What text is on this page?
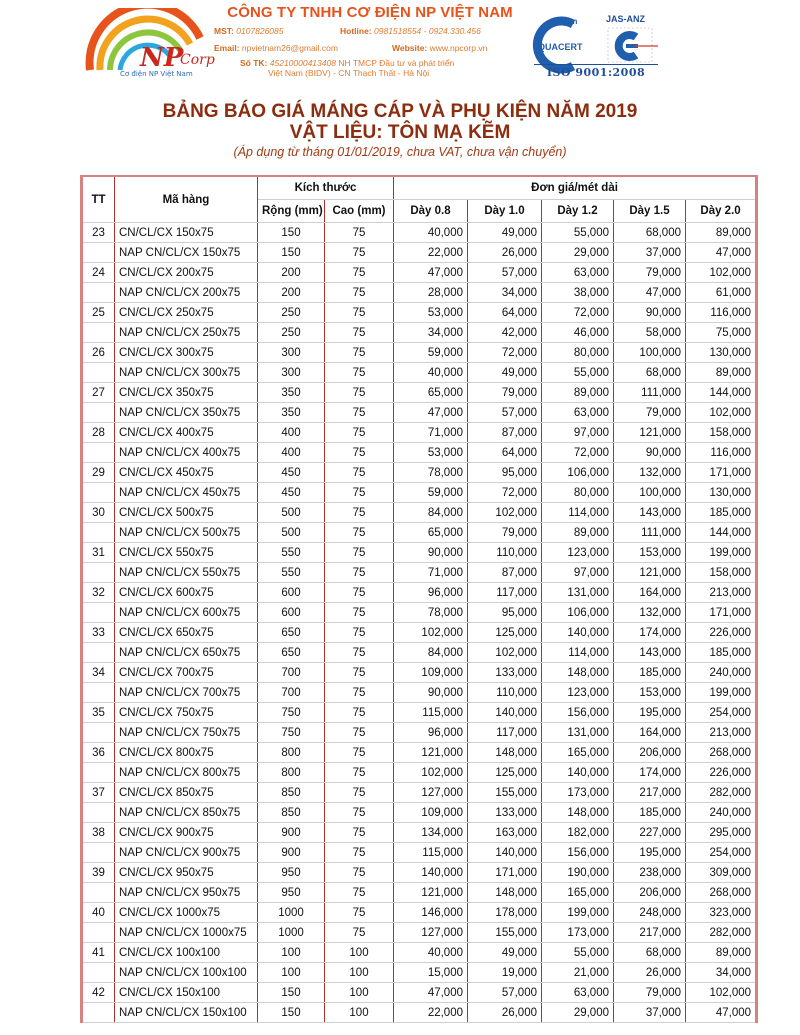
NP
Corp
Cơ điện NP Việt Nam
CÔNG TY TNHH CƠ ĐIỆN NP VIỆT NAM
MST: 0107826085	Hotline: 0981518554 - 0924.330.456
Email: npvietnam26@gmail.com	Website: www.npcorp.vn
Số TK: 45210000413408 NH TMCP Đầu tư và phát triển
Việt Nam (BIDV) - CN Thạch Thất - Hà Nội
QUACERT
vn	JAS-ANZ
ISO 9001:2008
BẢNG BÁO GIÁ MÁNG CÁP VÀ PHỤ KIỆN NĂM 2019
VẬT LIỆU: TÔN MẠ KẼM
(Áp dụng từ tháng 01/01/2019, chưa VAT, chưa vận chuyển)
TT	Mã hàng	Kích thước		Đơn giá/mét dài				
		Rộng (mm)	Cao (mm)	Dày 0.8	Dày 1.0	Dày 1.2	Dày 1.5	Dày 2.0
23	CN/CL/CX 150x75	150	75	40,000	49,000	55,000	68,000	89,000
	NAP CN/CL/CX 150x75	150	75	22,000	26,000	29,000	37,000	47,000
24	CN/CL/CX 200x75	200	75	47,000	57,000	63,000	79,000	102,000
	NAP CN/CL/CX 200x75	200	75	28,000	34,000	38,000	47,000	61,000
25	CN/CL/CX 250x75	250	75	53,000	64,000	72,000	90,000	116,000
	NAP CN/CL/CX 250x75	250	75	34,000	42,000	46,000	58,000	75,000
26	CN/CL/CX 300x75	300	75	59,000	72,000	80,000	100,000	130,000
	NAP CN/CL/CX 300x75	300	75	40,000	49,000	55,000	68,000	89,000
27	CN/CL/CX 350x75	350	75	65,000	79,000	89,000	111,000	144,000
	NAP CN/CL/CX 350x75	350	75	47,000	57,000	63,000	79,000	102,000
28	CN/CL/CX 400x75	400	75	71,000	87,000	97,000	121,000	158,000
	NAP CN/CL/CX 400x75	400	75	53,000	64,000	72,000	90,000	116,000
29	CN/CL/CX 450x75	450	75	78,000	95,000	106,000	132,000	171,000
	NAP CN/CL/CX 450x75	450	75	59,000	72,000	80,000	100,000	130,000
30	CN/CL/CX 500x75	500	75	84,000	102,000	114,000	143,000	185,000
	NAP CN/CL/CX 500x75	500	75	65,000	79,000	89,000	111,000	144,000
31	CN/CL/CX 550x75	550	75	90,000	110,000	123,000	153,000	199,000
	NAP CN/CL/CX 550x75	550	75	71,000	87,000	97,000	121,000	158,000
32	CN/CL/CX 600x75	600	75	96,000	117,000	131,000	164,000	213,000
	NAP CN/CL/CX 600x75	600	75	78,000	95,000	106,000	132,000	171,000
33	CN/CL/CX 650x75	650	75	102,000	125,000	140,000	174,000	226,000
	NAP CN/CL/CX 650x75	650	75	84,000	102,000	114,000	143,000	185,000
34	CN/CL/CX 700x75	700	75	109,000	133,000	148,000	185,000	240,000
	NAP CN/CL/CX 700x75	700	75	90,000	110,000	123,000	153,000	199,000
35	CN/CL/CX 750x75	750	75	115,000	140,000	156,000	195,000	254,000
	NAP CN/CL/CX 750x75	750	75	96,000	117,000	131,000	164,000	213,000
36	CN/CL/CX 800x75	800	75	121,000	148,000	165,000	206,000	268,000
	NAP CN/CL/CX 800x75	800	75	102,000	125,000	140,000	174,000	226,000
37	CN/CL/CX 850x75	850	75	127,000	155,000	173,000	217,000	282,000
	NAP CN/CL/CX 850x75	850	75	109,000	133,000	148,000	185,000	240,000
38	CN/CL/CX 900x75	900	75	134,000	163,000	182,000	227,000	295,000
	NAP CN/CL/CX 900x75	900	75	115,000	140,000	156,000	195,000	254,000
39	CN/CL/CX 950x75	950	75	140,000	171,000	190,000	238,000	309,000
	NAP CN/CL/CX 950x75	950	75	121,000	148,000	165,000	206,000	268,000
40	CN/CL/CX 1000x75	1000	75	146,000	178,000	199,000	248,000	323,000
	NAP CN/CL/CX 1000x75	1000	75	127,000	155,000	173,000	217,000	282,000
41	CN/CL/CX 100x100	100	100	40,000	49,000	55,000	68,000	89,000
	NAP CN/CL/CX 100x100	100	100	15,000	19,000	21,000	26,000	34,000
42	CN/CL/CX 150x100	150	100	47,000	57,000	63,000	79,000	102,000
	NAP CN/CL/CX 150x100	150	100	22,000	26,000	29,000	37,000	47,000
